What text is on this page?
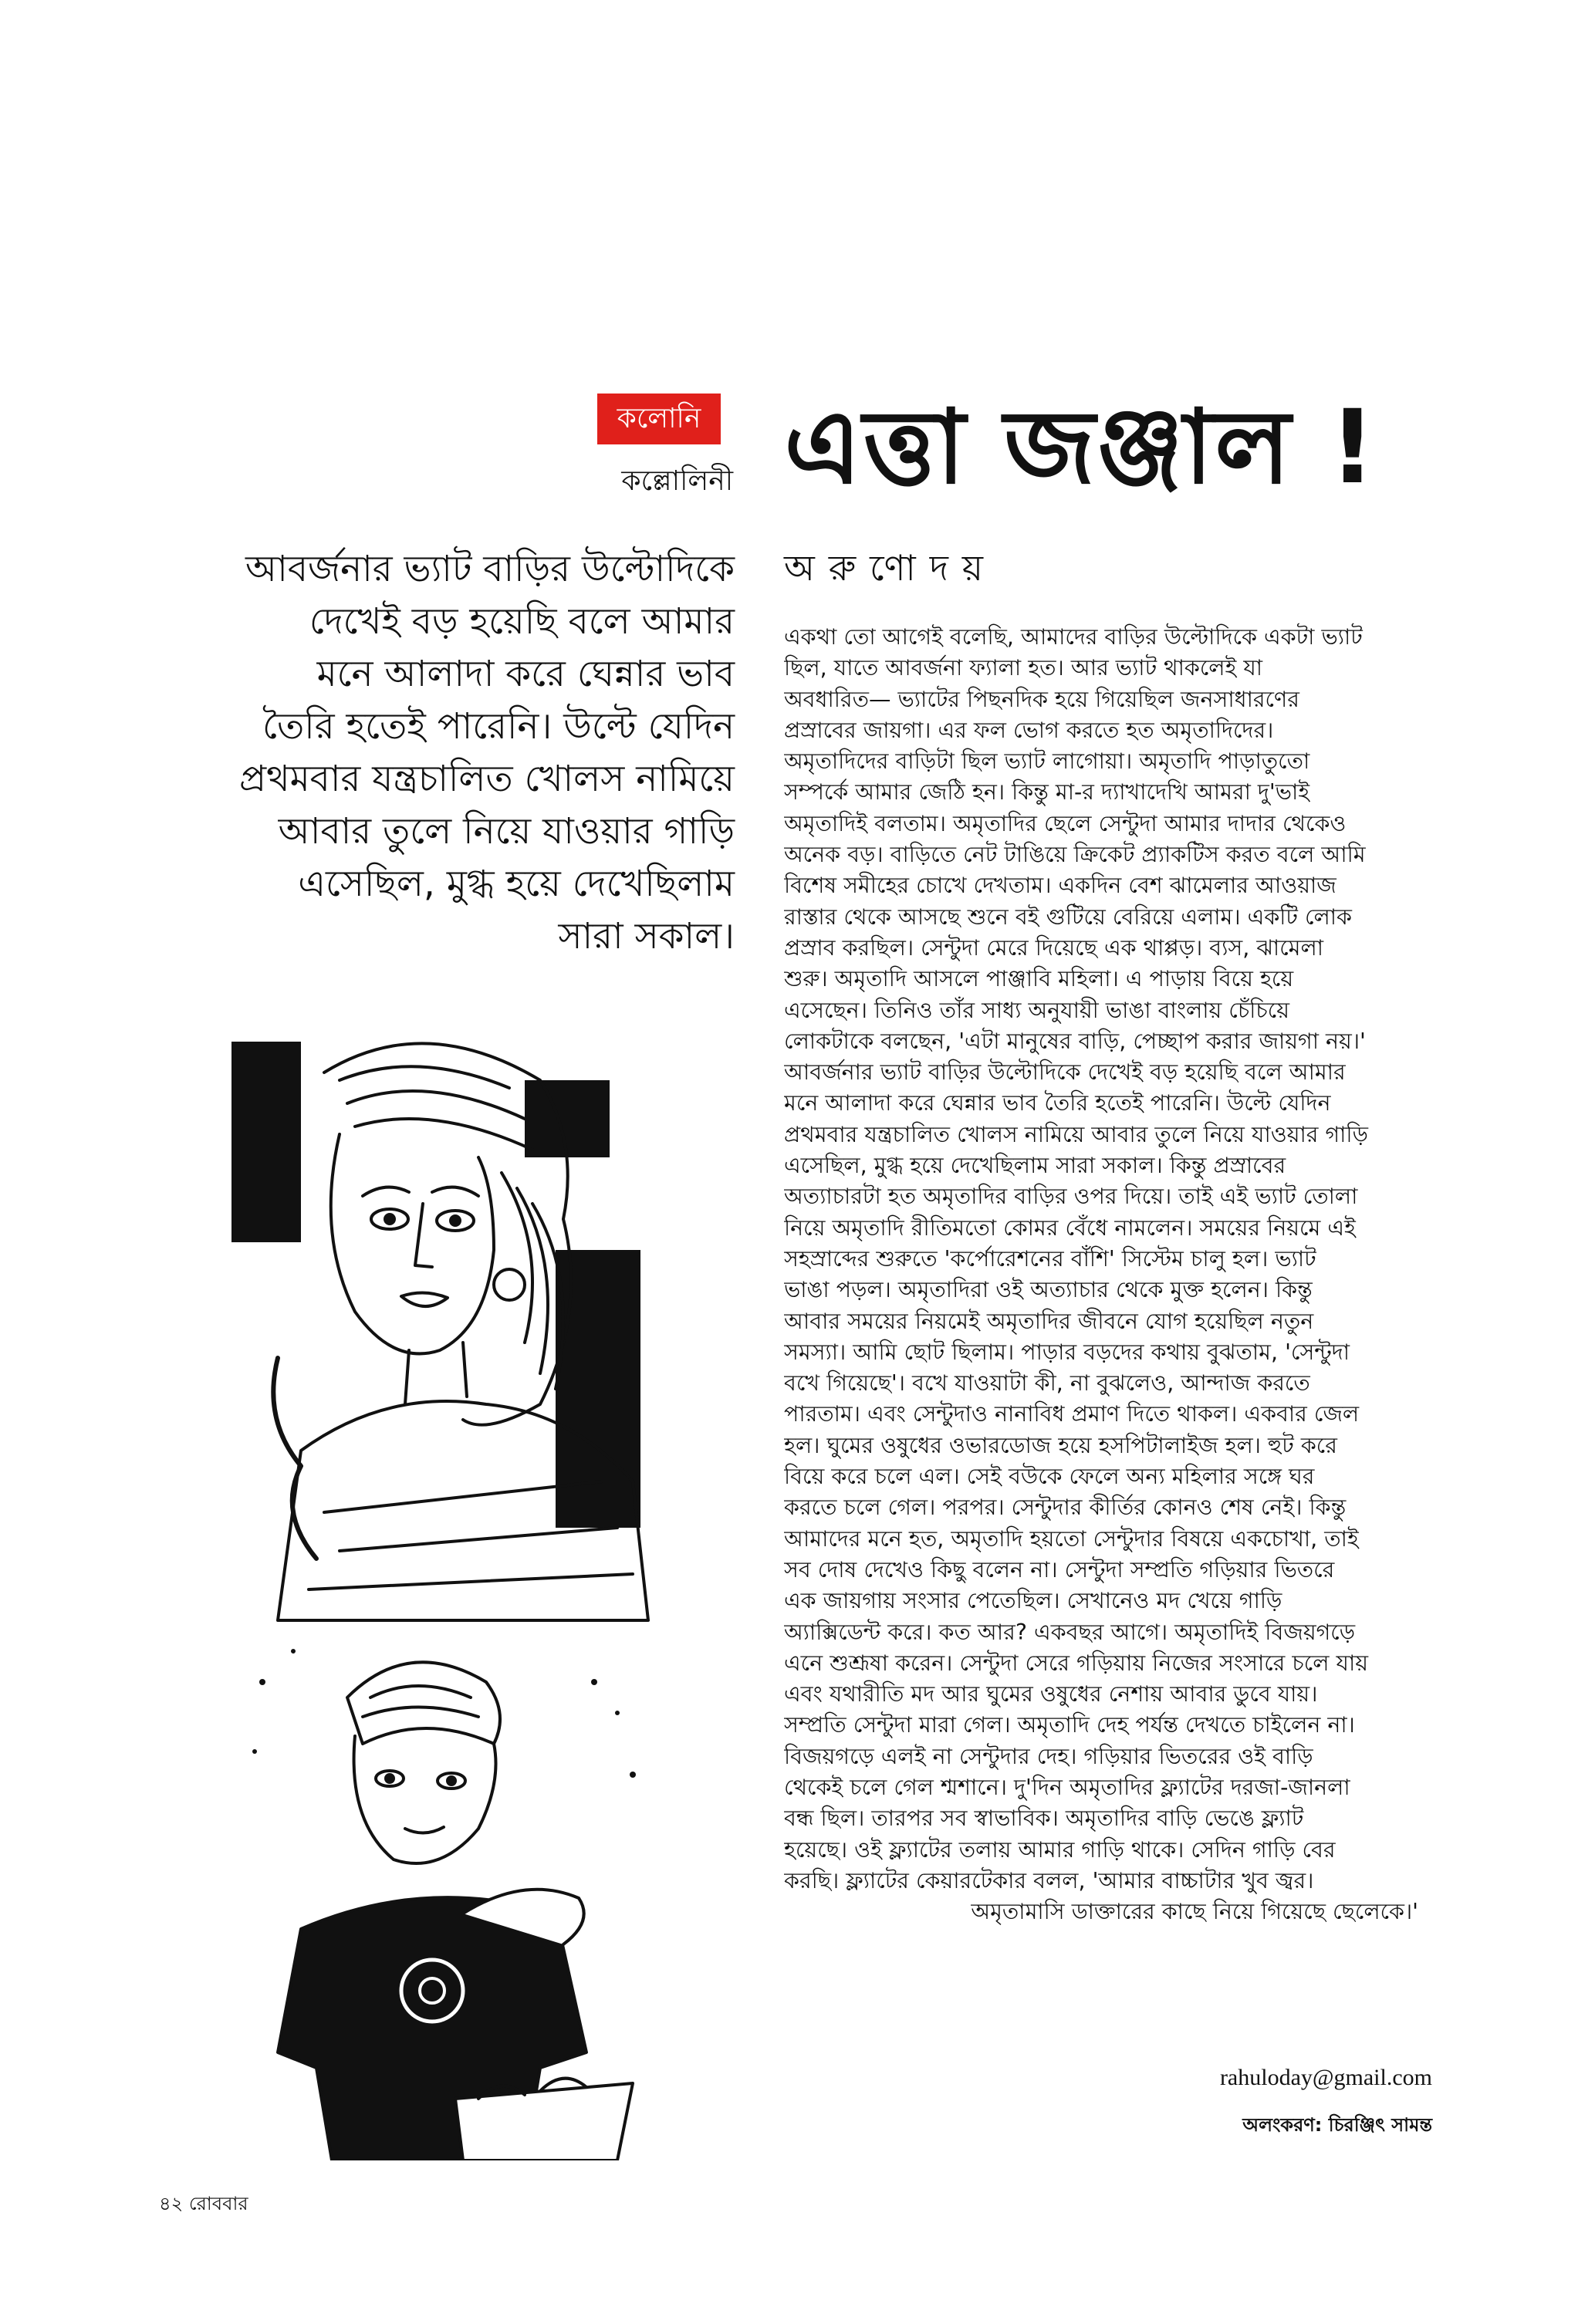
কলোনি
কল্লোলিনী এত্তা জঞ্জাল !
অরুণোদয়
আবর্জনার ভ্যাট বাড়ির উল্টোদিকে
দেখেই বড় হয়েছি বলে আমার
মনে আলাদা করে ঘেন্নার ভাব
তৈরি হতেই পারেনি। উল্টে যেদিন
প্রথমবার যন্ত্রচালিত খোলস নামিয়ে
আবার তুলে নিয়ে যাওয়ার গাড়ি
এসেছিল, মুগ্ধ হয়ে দেখেছিলাম
সারা সকাল।
একথা তো আগেই বলেছি, আমাদের বাড়ির উল্টোদিকে একটা ভ্যাট
ছিল, যাতে আবর্জনা ফ্যালা হত। আর ভ্যাট থাকলেই যা
অবধারিত— ভ্যাটের পিছনদিক হয়ে গিয়েছিল জনসাধারণের
প্রস্রাবের জায়গা। এর ফল ভোগ করতে হত অমৃতাদিদের।
অমৃতাদিদের বাড়িটা ছিল ভ্যাট লাগোয়া। অমৃতাদি পাড়াতুতো
সম্পর্কে আমার জেঠি হন। কিন্তু মা-র দ্যাখাদেখি আমরা দু'ভাই
অমৃতাদিই বলতাম। অমৃতাদির ছেলে সেন্টুদা আমার দাদার থেকেও
অনেক বড়। বাড়িতে নেট টাঙিয়ে ক্রিকেট প্র্যাকটিস করত বলে আমি
বিশেষ সমীহের চোখে দেখতাম। একদিন বেশ ঝামেলার আওয়াজ
রাস্তার থেকে আসছে শুনে বই গুটিয়ে বেরিয়ে এলাম। একটি লোক
প্রস্রাব করছিল। সেন্টুদা মেরে দিয়েছে এক থাপ্পড়। ব্যস, ঝামেলা
শুরু। অমৃতাদি আসলে পাঞ্জাবি মহিলা। এ পাড়ায় বিয়ে হয়ে
এসেছেন। তিনিও তাঁর সাধ্য অনুযায়ী ভাঙা বাংলায় চেঁচিয়ে
লোকটাকে বলছেন, 'এটা মানুষের বাড়ি, পেচ্ছাপ করার জায়গা নয়।'
আবর্জনার ভ্যাট বাড়ির উল্টোদিকে দেখেই বড় হয়েছি বলে আমার
মনে আলাদা করে ঘেন্নার ভাব তৈরি হতেই পারেনি। উল্টে যেদিন
প্রথমবার যন্ত্রচালিত খোলস নামিয়ে আবার তুলে নিয়ে যাওয়ার গাড়ি
এসেছিল, মুগ্ধ হয়ে দেখেছিলাম সারা সকাল। কিন্তু প্রস্রাবের
অত্যাচারটা হত অমৃতাদির বাড়ির ওপর দিয়ে। তাই এই ভ্যাট তোলা
নিয়ে অমৃতাদি রীতিমতো কোমর বেঁধে নামলেন। সময়ের নিয়মে এই
সহস্রাব্দের শুরুতে 'কর্পোরেশনের বাঁশি' সিস্টেম চালু হল। ভ্যাট
ভাঙা পড়ল। অমৃতাদিরা ওই অত্যাচার থেকে মুক্ত হলেন। কিন্তু
আবার সময়ের নিয়মেই অমৃতাদির জীবনে যোগ হয়েছিল নতুন
সমস্যা। আমি ছোট ছিলাম। পাড়ার বড়দের কথায় বুঝতাম, 'সেন্টুদা
বখে গিয়েছে'। বখে যাওয়াটা কী, না বুঝলেও, আন্দাজ করতে
পারতাম। এবং সেন্টুদাও নানাবিধ প্রমাণ দিতে থাকল। একবার জেল
হল। ঘুমের ওষুধের ওভারডোজ হয়ে হসপিটালাইজ হল। হুট করে
বিয়ে করে চলে এল। সেই বউকে ফেলে অন্য মহিলার সঙ্গে ঘর
করতে চলে গেল। পরপর। সেন্টুদার কীর্তির কোনও শেষ নেই। কিন্তু
আমাদের মনে হত, অমৃতাদি হয়তো সেন্টুদার বিষয়ে একচোখা, তাই
সব দোষ দেখেও কিছু বলেন না। সেন্টুদা সম্প্রতি গড়িয়ার ভিতরে
এক জায়গায় সংসার পেতেছিল। সেখানেও মদ খেয়ে গাড়ি
অ্যাক্সিডেন্ট করে। কত আর? একবছর আগে। অমৃতাদিই বিজয়গড়ে
এনে শুশ্রূষা করেন। সেন্টুদা সেরে গড়িয়ায় নিজের সংসারে চলে যায়
এবং যথারীতি মদ আর ঘুমের ওষুধের নেশায় আবার ডুবে যায়।
সম্প্রতি সেন্টুদা মারা গেল। অমৃতাদি দেহ পর্যন্ত দেখতে চাইলেন না।
বিজয়গড়ে এলই না সেন্টুদার দেহ। গড়িয়ার ভিতরের ওই বাড়ি
থেকেই চলে গেল শ্মশানে। দু'দিন অমৃতাদির ফ্ল্যাটের দরজা-জানলা
বন্ধ ছিল। তারপর সব স্বাভাবিক। অমৃতাদির বাড়ি ভেঙে ফ্ল্যাট
হয়েছে। ওই ফ্ল্যাটের তলায় আমার গাড়ি থাকে। সেদিন গাড়ি বের
করছি। ফ্ল্যাটের কেয়ারটেকার বলল, 'আমার বাচ্চাটার খুব জ্বর।
অমৃতামাসি ডাক্তারের কাছে নিয়ে গিয়েছে ছেলেকে।'
rahuloday@gmail.com
অলংকরণ: চিরঞ্জিৎ সামন্ত
৪২ রোববার
